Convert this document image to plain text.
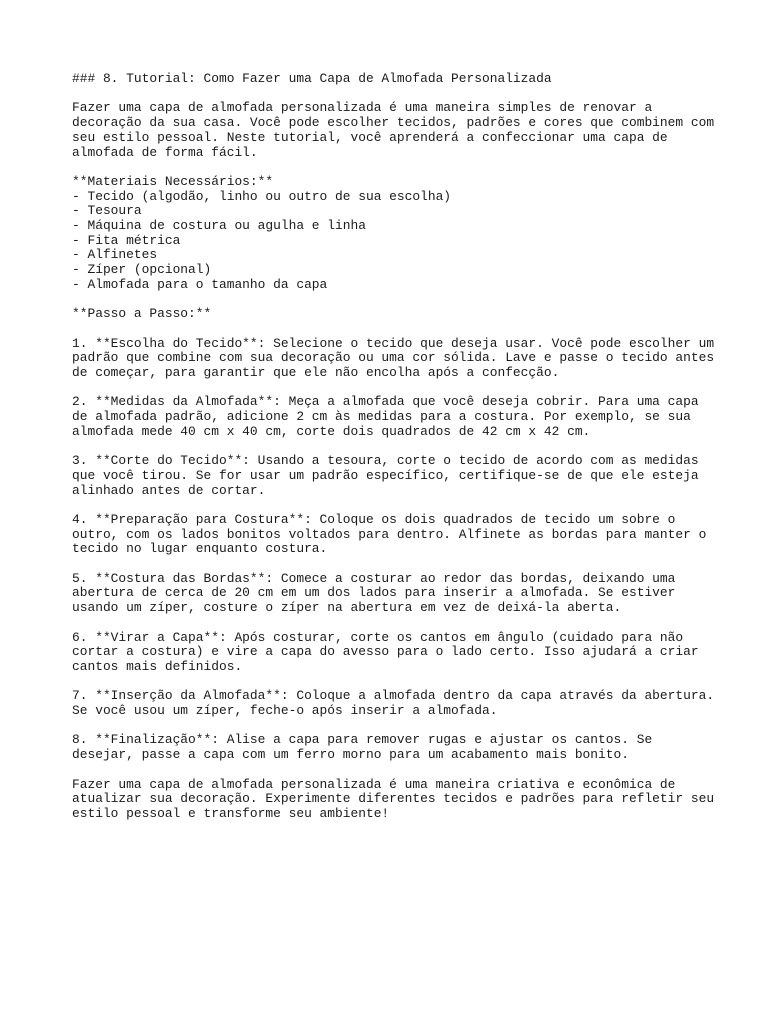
### 8. Tutorial: Como Fazer uma Capa de Almofada Personalizada
Fazer uma capa de almofada personalizada é uma maneira simples de renovar a
decoração da sua casa. Você pode escolher tecidos, padrões e cores que combinem com
seu estilo pessoal. Neste tutorial, você aprenderá a confeccionar uma capa de
almofada de forma fácil.
**Materiais Necessários:**
- Tecido (algodão, linho ou outro de sua escolha)
- Tesoura
- Máquina de costura ou agulha e linha
- Fita métrica
- Alfinetes
- Zíper (opcional)
- Almofada para o tamanho da capa
**Passo a Passo:**
1. **Escolha do Tecido**: Selecione o tecido que deseja usar. Você pode escolher um
padrão que combine com sua decoração ou uma cor sólida. Lave e passe o tecido antes
de começar, para garantir que ele não encolha após a confecção.
2. **Medidas da Almofada**: Meça a almofada que você deseja cobrir. Para uma capa
de almofada padrão, adicione 2 cm às medidas para a costura. Por exemplo, se sua
almofada mede 40 cm x 40 cm, corte dois quadrados de 42 cm x 42 cm.
3. **Corte do Tecido**: Usando a tesoura, corte o tecido de acordo com as medidas
que você tirou. Se for usar um padrão específico, certifique-se de que ele esteja
alinhado antes de cortar.
4. **Preparação para Costura**: Coloque os dois quadrados de tecido um sobre o
outro, com os lados bonitos voltados para dentro. Alfinete as bordas para manter o
tecido no lugar enquanto costura.
5. **Costura das Bordas**: Comece a costurar ao redor das bordas, deixando uma
abertura de cerca de 20 cm em um dos lados para inserir a almofada. Se estiver
usando um zíper, costure o zíper na abertura em vez de deixá-la aberta.
6. **Virar a Capa**: Após costurar, corte os cantos em ângulo (cuidado para não
cortar a costura) e vire a capa do avesso para o lado certo. Isso ajudará a criar
cantos mais definidos.
7. **Inserção da Almofada**: Coloque a almofada dentro da capa através da abertura.
Se você usou um zíper, feche-o após inserir a almofada.
8. **Finalização**: Alise a capa para remover rugas e ajustar os cantos. Se
desejar, passe a capa com um ferro morno para um acabamento mais bonito.
Fazer uma capa de almofada personalizada é uma maneira criativa e econômica de
atualizar sua decoração. Experimente diferentes tecidos e padrões para refletir seu
estilo pessoal e transforme seu ambiente!
